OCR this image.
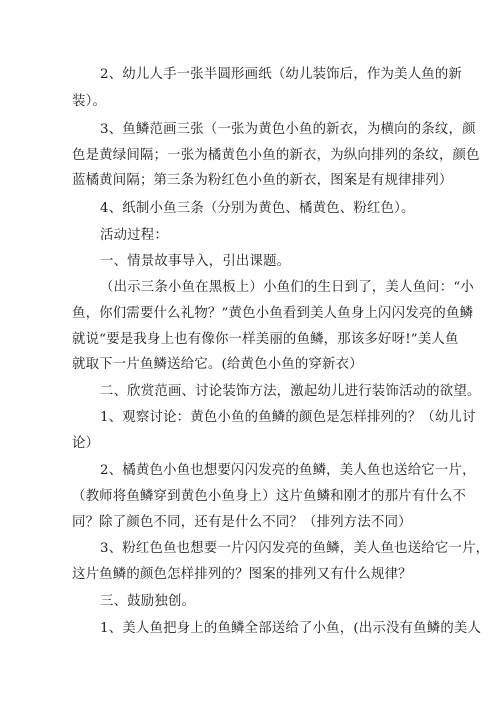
2、幼儿人手一张半圆形画纸（幼儿装饰后，作为美人鱼的新
装）。
3、鱼鳞范画三张（一张为黄色小鱼的新衣，为横向的条纹，颜
色是黄绿间隔；一张为橘黄色小鱼的新衣，为纵向排列的条纹，颜色
蓝橘黄间隔；第三条为粉红色小鱼的新衣，图案是有规律排列）
4、纸制小鱼三条（分别为黄色、橘黄色、粉红色）。
活动过程：
一、情景故事导入，引出课题。
（出示三条小鱼在黑板上）小鱼们的生日到了，美人鱼问：“小
鱼，你们需要什么礼物？”黄色小鱼看到美人鱼身上闪闪发亮的鱼鳞
就说“要是我身上也有像你一样美丽的鱼鳞，那该多好呀!”美人鱼
就取下一片鱼鳞送给它。(给黄色小鱼的穿新衣）
二、欣赏范画、讨论装饰方法，激起幼儿进行装饰活动的欲望。
1、观察讨论：黄色小鱼的鱼鳞的颜色是怎样排列的？（幼儿讨
论）
2、橘黄色小鱼也想要闪闪发亮的鱼鳞，美人鱼也送给它一片，
（教师将鱼鳞穿到黄色小鱼身上）这片鱼鳞和刚才的那片有什么不
同？除了颜色不同，还有是什么不同？（排列方法不同）
3、粉红色鱼也想要一片闪闪发亮的鱼鳞，美人鱼也送给它一片，
这片鱼鳞的颜色怎样排列的？图案的排列又有什么规律？
三、鼓励独创。
1、美人鱼把身上的鱼鳞全部送给了小鱼，(出示没有鱼鳞的美人
